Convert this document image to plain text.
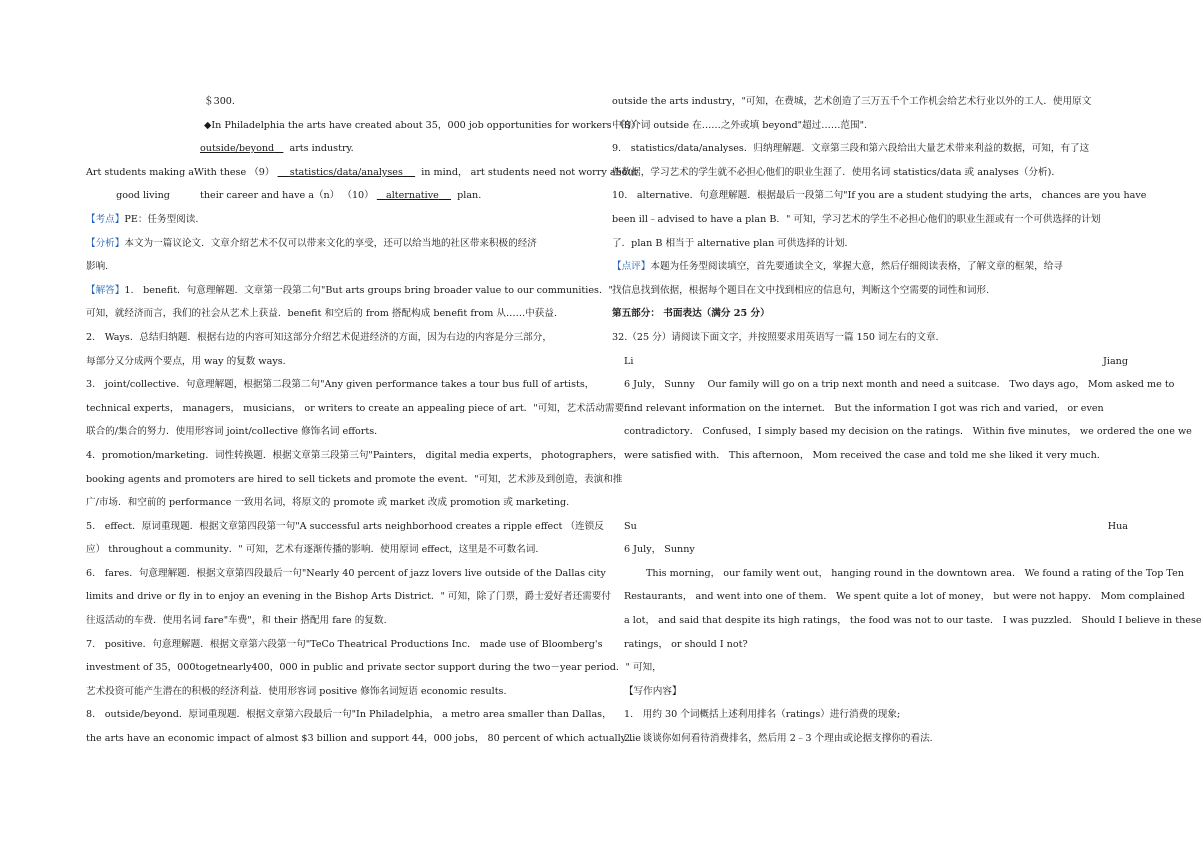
＄300.
◆In Philadelphia the arts have created about 35，000 job opportunities for workers （8）
outside/beyond arts industry.
Art students making a With these （9） statistics/data/analyses in mind， art students need not worry about
good living	their career and have a（n） （10） alternative plan.
【考点】PE：任务型阅读.
【分析】本文为一篇议论文．文章介绍艺术不仅可以带来文化的享受，还可以给当地的社区带来积极的经济
影响.
【解答】1.　benefit．句意理解题．文章第一段第二句"But arts groups bring broader value to our communities．"
可知，就经济而言，我们的社会从艺术上获益．benefit 和空后的 from 搭配构成 benefit from 从……中获益.
2.　Ways．总结归纳题．根据右边的内容可知这部分介绍艺术促进经济的方面，因为右边的内容是分三部分，
每部分又分成两个要点，用 way 的复数 ways.
3.　joint/collective．句意理解题，根据第二段第二句"Any given performance takes a tour bus full of artists，
technical experts， managers， musicians， or writers to create an appealing piece of art．"可知，艺术活动需要
联合的/集合的努力．使用形容词 joint/collective 修饰名词 efforts.
4．promotion/marketing．词性转换题．根据文章第三段第三句"Painters， digital media experts， photographers，
booking agents and promoters are hired to sell tickets and promote the event．"可知，艺术涉及到创造，表演和推
广/市场．和空前的 performance 一致用名词，将原文的 promote 或 market 改成 promotion 或 marketing.
5.　effect．原词重现题．根据文章第四段第一句"A successful arts neighborhood creates a ripple effect （连锁反
应） throughout a community．" 可知，艺术有逐渐传播的影响．使用原词 effect，这里是不可数名词.
6.　fares．句意理解题．根据文章第四段最后一句"Nearly 40 percent of jazz lovers live outside of the Dallas city
limits and drive or fly in to enjoy an evening in the Bishop Arts District．" 可知，除了门票，爵士爱好者还需要付
往返活动的车费．使用名词 fare"车费"，和 their 搭配用 fare 的复数.
7.　positive．句意理解题．根据文章第六段第一句"TeCo Theatrical Productions Inc． made use of Bloomberg's
investment of 35，000togetnearly400，000 in public and private sector support during the two－year period．" 可知，
艺术投资可能产生潜在的积极的经济利益．使用形容词 positive 修饰名词短语 economic results.
8.　outside/beyond．原词重现题．根据文章第六段最后一句"In Philadelphia， a metro area smaller than Dallas，
the arts have an economic impact of almost $3 billion and support 44，000 jobs， 80 percent of which actually lie
outside the arts industry，"可知，在费城，艺术创造了三万五千个工作机会给艺术行业以外的工人．使用原文
中的介词 outside 在……之外或填 beyond"超过……范围".
9.　statistics/data/analyses．归纳理解题．文章第三段和第六段给出大量艺术带来利益的数据，可知，有了这
些数据，学习艺术的学生就不必担心他们的职业生涯了．使用名词 statistics/data 或 analyses（分析).
10.　alternative．句意理解题．根据最后一段第二句"If you are a student studying the arts， chances are you have
been ill﹣advised to have a plan B．" 可知，学习艺术的学生不必担心他们的职业生涯或有一个可供选择的计划
了．plan B 相当于 alternative plan 可供选择的计划.
【点评】本题为任务型阅读填空，首先要通读全文，掌握大意，然后仔细阅读表格，了解文章的框架，给寻
找信息找到依据，根据每个题目在文中找到相应的信息句，判断这个空需要的词性和词形.
第五部分： 书面表达（满分 25 分）
32.（25 分）请阅读下面文字，并按照要求用英语写一篇 150 词左右的文章.
Li	Jiang
6 July， Sunny　 Our family will go on a trip next month and need a suitcase． Two days ago， Mom asked me to
find relevant information on the internet． But the information I got was rich and varied， or even
contradictory． Confused，I simply based my decision on the ratings． Within five minutes， we ordered the one we
were satisfied with． This afternoon， Mom received the case and told me she liked it very much.
Su	Hua
6 July， Sunny
This morning， our family went out， hanging round in the downtown area． We found a rating of the Top Ten
Restaurants， and went into one of them． We spent quite a lot of money， but were not happy． Mom complained
a lot， and said that despite its high ratings， the food was not to our taste． I was puzzled． Should I believe in these
ratings， or should I not?
【写作内容】
1.　用约 30 个词概括上述利用排名（ratings）进行消费的现象;
2.　谈谈你如何看待消费排名，然后用 2﹣3 个理由或论据支撑你的看法.
